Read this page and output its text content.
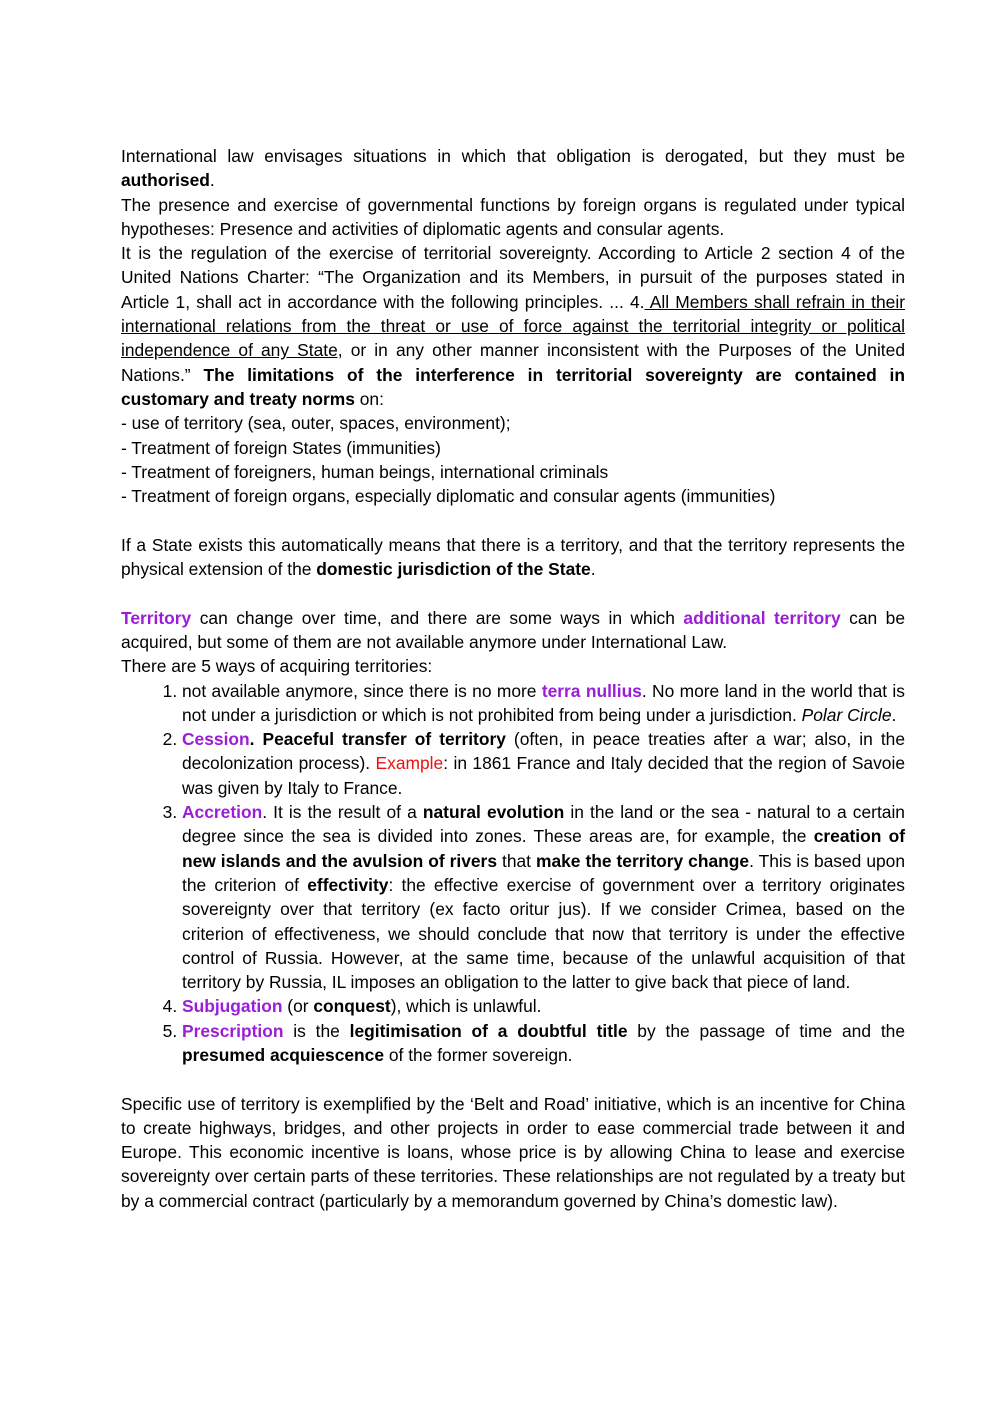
International law envisages situations in which that obligation is derogated, but they must be authorised.

The presence and exercise of governmental functions by foreign organs is regulated under typical hypotheses: Presence and activities of diplomatic agents and consular agents.

It is the regulation of the exercise of territorial sovereignty. According to Article 2 section 4 of the United Nations Charter: “The Organization and its Members, in pursuit of the purposes stated in Article 1, shall act in accordance with the following principles. ... 4. All Members shall refrain in their international relations from the threat or use of force against the territorial integrity or political independence of any State, or in any other manner inconsistent with the Purposes of the United Nations.” The limitations of the interference in territorial sovereignty are contained in customary and treaty norms on:

- use of territory (sea, outer, spaces, environment);

- Treatment of foreign States (immunities)

- Treatment of foreigners, human beings, international criminals

- Treatment of foreign organs, especially diplomatic and consular agents (immunities)

If a State exists this automatically means that there is a territory, and that the territory represents the physical extension of the domestic jurisdiction of the State.

Territory can change over time, and there are some ways in which additional territory can be acquired, but some of them are not available anymore under International Law.

There are 5 ways of acquiring territories:

1. not available anymore, since there is no more terra nullius. No more land in the world that is not under a jurisdiction or which is not prohibited from being under a jurisdiction. Polar Circle.
2. Cession. Peaceful transfer of territory (often, in peace treaties after a war; also, in the decolonization process). Example: in 1861 France and Italy decided that the region of Savoie was given by Italy to France.
3. Accretion. It is the result of a natural evolution in the land or the sea - natural to a certain degree since the sea is divided into zones. These areas are, for example, the creation of new islands and the avulsion of rivers that make the territory change. This is based upon the criterion of effectivity: the effective exercise of government over a territory originates sovereignty over that territory (ex facto oritur jus). If we consider Crimea, based on the criterion of effectiveness, we should conclude that now that territory is under the effective control of Russia. However, at the same time, because of the unlawful acquisition of that territory by Russia, IL imposes an obligation to the latter to give back that piece of land.
4. Subjugation (or conquest), which is unlawful.
5. Prescription is the legitimisation of a doubtful title by the passage of time and the presumed acquiescence of the former sovereign.

Specific use of territory is exemplified by the ‘Belt and Road’ initiative, which is an incentive for China to create highways, bridges, and other projects in order to ease commercial trade between it and Europe. This economic incentive is loans, whose price is by allowing China to lease and exercise sovereignty over certain parts of these territories. These relationships are not regulated by a treaty but by a commercial contract (particularly by a memorandum governed by China’s domestic law).
